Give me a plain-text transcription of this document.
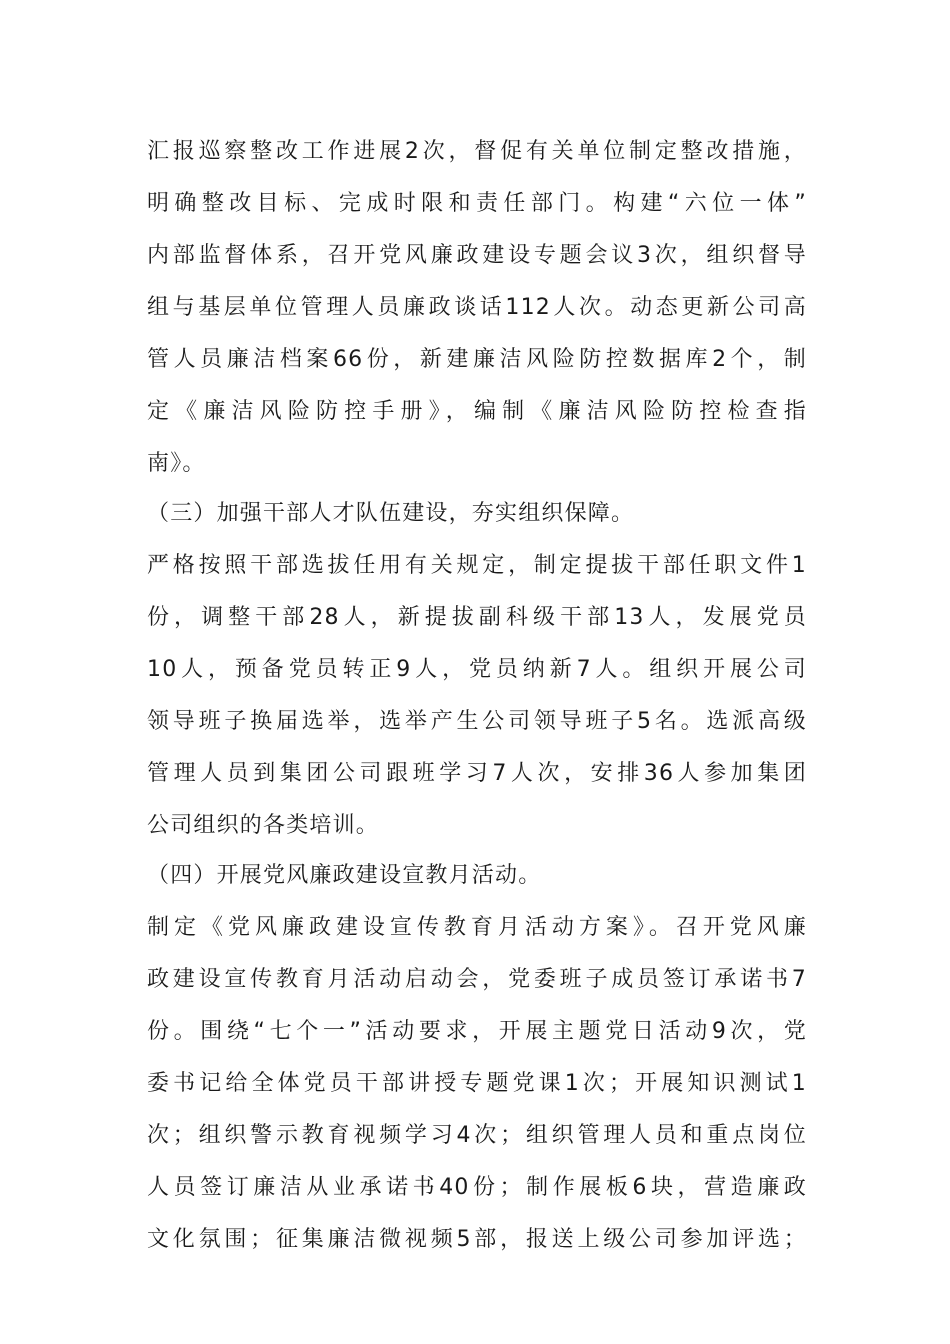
汇报巡察整改工作进展2次，督促有关单位制定整改措施，
明确整改目标、完成时限和责任部门。构建“六位一体”
内部监督体系，召开党风廉政建设专题会议3次，组织督导
组与基层单位管理人员廉政谈话112人次。动态更新公司高
管人员廉洁档案66份，新建廉洁风险防控数据库2个，制
定《廉洁风险防控手册》，编制《廉洁风险防控检查指
南》。
（三）加强干部人才队伍建设，夯实组织保障。
严格按照干部选拔任用有关规定，制定提拔干部任职文件1
份，调整干部28人，新提拔副科级干部13人，发展党员
10人，预备党员转正9人，党员纳新7人。组织开展公司
领导班子换届选举，选举产生公司领导班子5名。选派高级
管理人员到集团公司跟班学习7人次，安排36人参加集团
公司组织的各类培训。
（四）开展党风廉政建设宣教月活动。
制定《党风廉政建设宣传教育月活动方案》。召开党风廉
政建设宣传教育月活动启动会，党委班子成员签订承诺书7
份。围绕“七个一”活动要求，开展主题党日活动9次，党
委书记给全体党员干部讲授专题党课1次；开展知识测试1
次；组织警示教育视频学习4次；组织管理人员和重点岗位
人员签订廉洁从业承诺书40份；制作展板6块，营造廉政
文化氛围；征集廉洁微视频5部，报送上级公司参加评选；
